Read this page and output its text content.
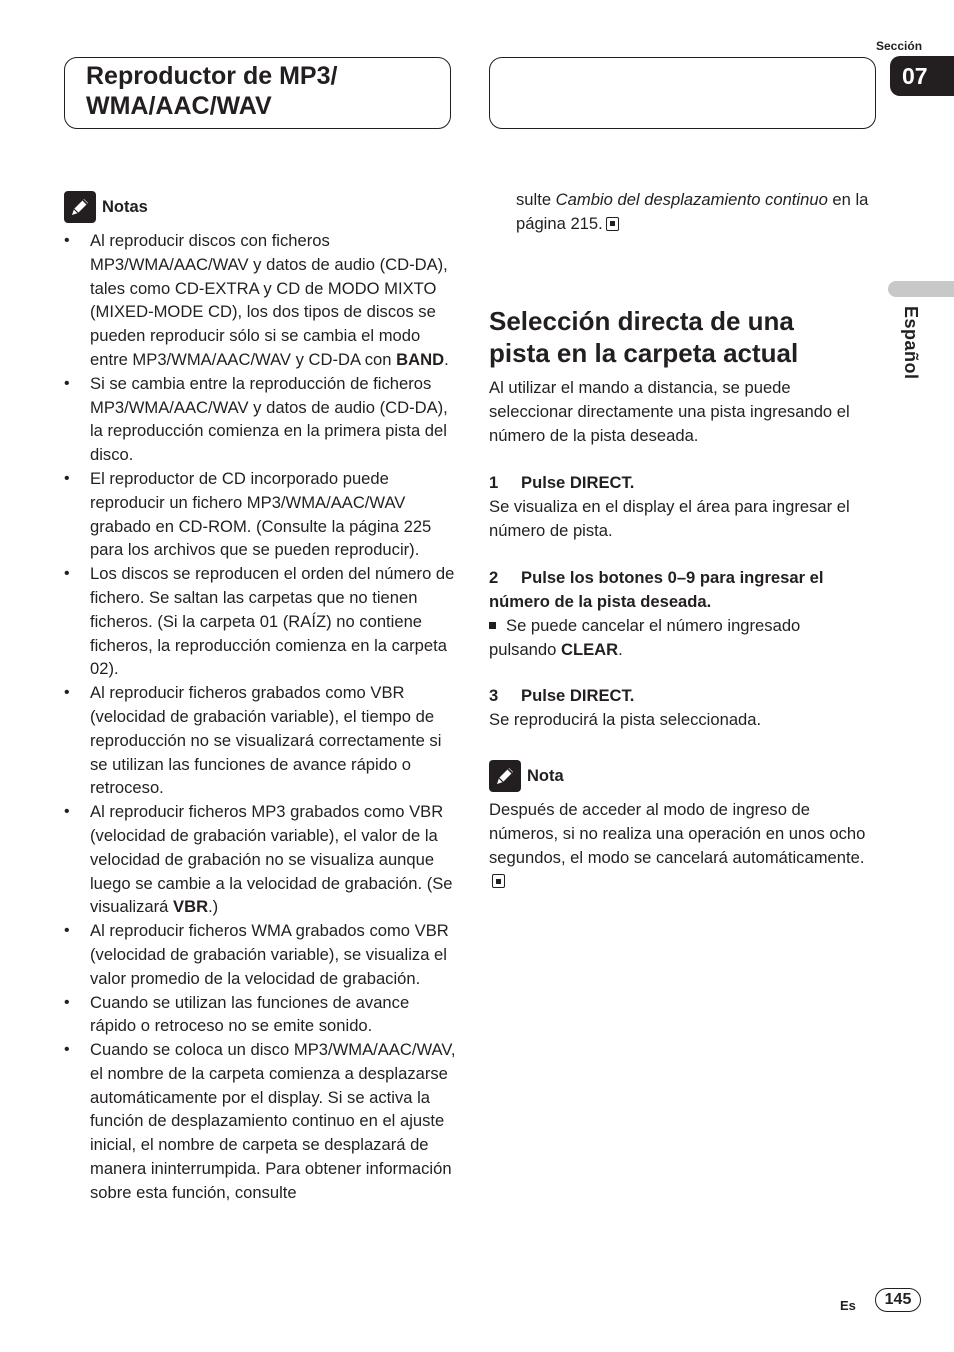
Reproductor de MP3/
WMA/AAC/WAV
Sección
07
Español
Notas
• Al reproducir discos con ficheros MP3/WMA/AAC/WAV y datos de audio (CD-DA), tales como CD-EXTRA y CD de MODO MIXTO (MIXED-MODE CD), los dos tipos de discos se pueden reproducir sólo si se cambia el modo entre MP3/WMA/AAC/WAV y CD-DA con BAND.
• Si se cambia entre la reproducción de ficheros MP3/WMA/AAC/WAV y datos de audio (CD-DA), la reproducción comienza en la primera pista del disco.
• El reproductor de CD incorporado puede reproducir un fichero MP3/WMA/AAC/WAV grabado en CD-ROM. (Consulte la página 225 para los archivos que se pueden reproducir).
• Los discos se reproducen el orden del número de fichero. Se saltan las carpetas que no tienen ficheros. (Si la carpeta 01 (RAÍZ) no contiene ficheros, la reproducción comienza en la carpeta 02).
• Al reproducir ficheros grabados como VBR (velocidad de grabación variable), el tiempo de reproducción no se visualizará correctamente si se utilizan las funciones de avance rápido o retroceso.
• Al reproducir ficheros MP3 grabados como VBR (velocidad de grabación variable), el valor de la velocidad de grabación no se visualiza aunque luego se cambie a la velocidad de grabación. (Se visualizará VBR.)
• Al reproducir ficheros WMA grabados como VBR (velocidad de grabación variable), se visualiza el valor promedio de la velocidad de grabación.
• Cuando se utilizan las funciones de avance rápido o retroceso no se emite sonido.
• Cuando se coloca un disco MP3/WMA/AAC/WAV, el nombre de la carpeta comienza a desplazarse automáticamente por el display. Si se activa la función de desplazamiento continuo en el ajuste inicial, el nombre de carpeta se desplazará de manera ininterrumpida. Para obtener información sobre esta función, consulte
sulte Cambio del desplazamiento continuo en la página 215.
Selección directa de una
pista en la carpeta actual
Al utilizar el mando a distancia, se puede seleccionar directamente una pista ingresando el número de la pista deseada.
1 Pulse DIRECT.
Se visualiza en el display el área para ingresar el número de pista.
2 Pulse los botones 0–9 para ingresar el número de la pista deseada.
Se puede cancelar el número ingresado pulsando CLEAR.
3 Pulse DIRECT.
Se reproducirá la pista seleccionada.
Nota
Después de acceder al modo de ingreso de números, si no realiza una operación en unos ocho segundos, el modo se cancelará automáticamente.
Es	145
